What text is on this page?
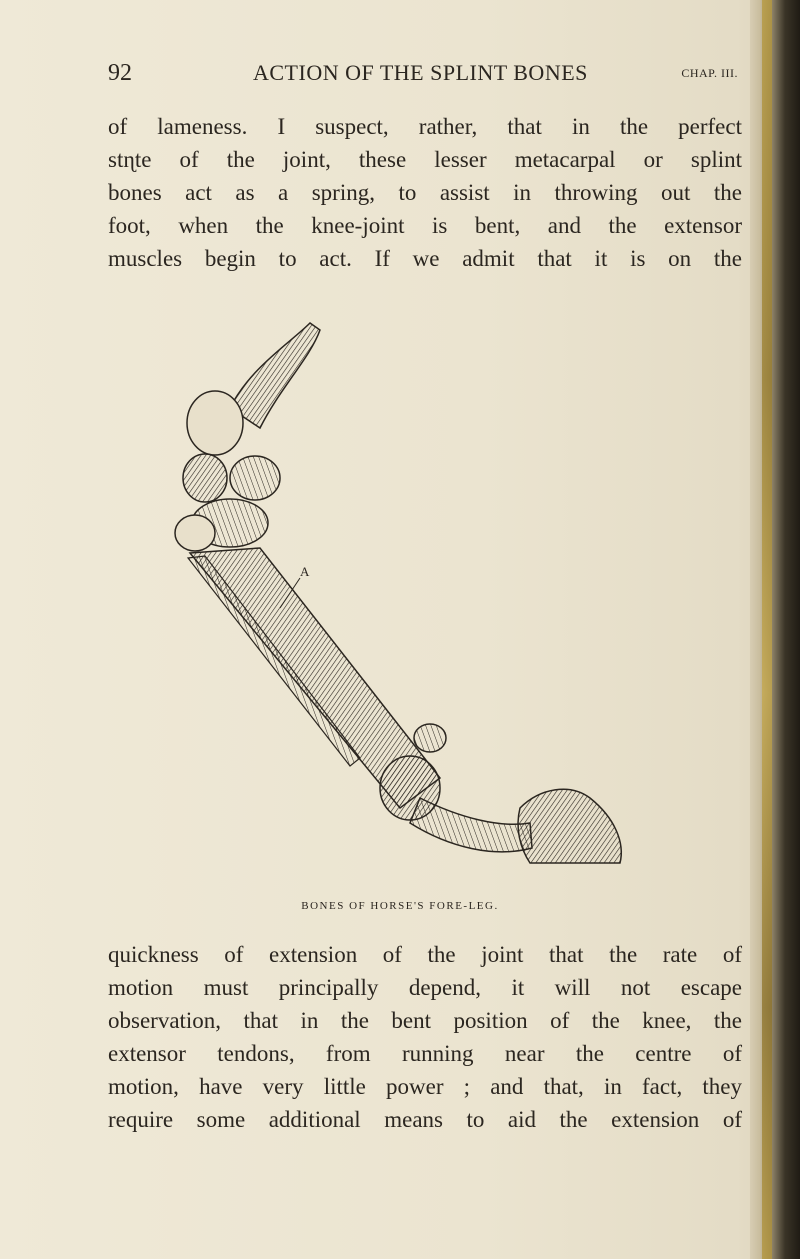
92	ACTION OF THE SPLINT BONES	CHAP. III.
of lameness. I suspect, rather, that in the perfect
stɳte of the joint, these lesser metacarpal or splint
bones act as a spring, to assist in throwing out the
foot, when the knee-joint is bent, and the extensor
muscles begin to act. If we admit that it is on the
A
BONES OF HORSE'S FORE-LEG.
quickness of extension of the joint that the rate of
motion must principally depend, it will not escape
observation, that in the bent position of the knee, the
extensor tendons, from running near the centre of
motion, have very little power ; and that, in fact, they
require some additional means to aid the extension of
